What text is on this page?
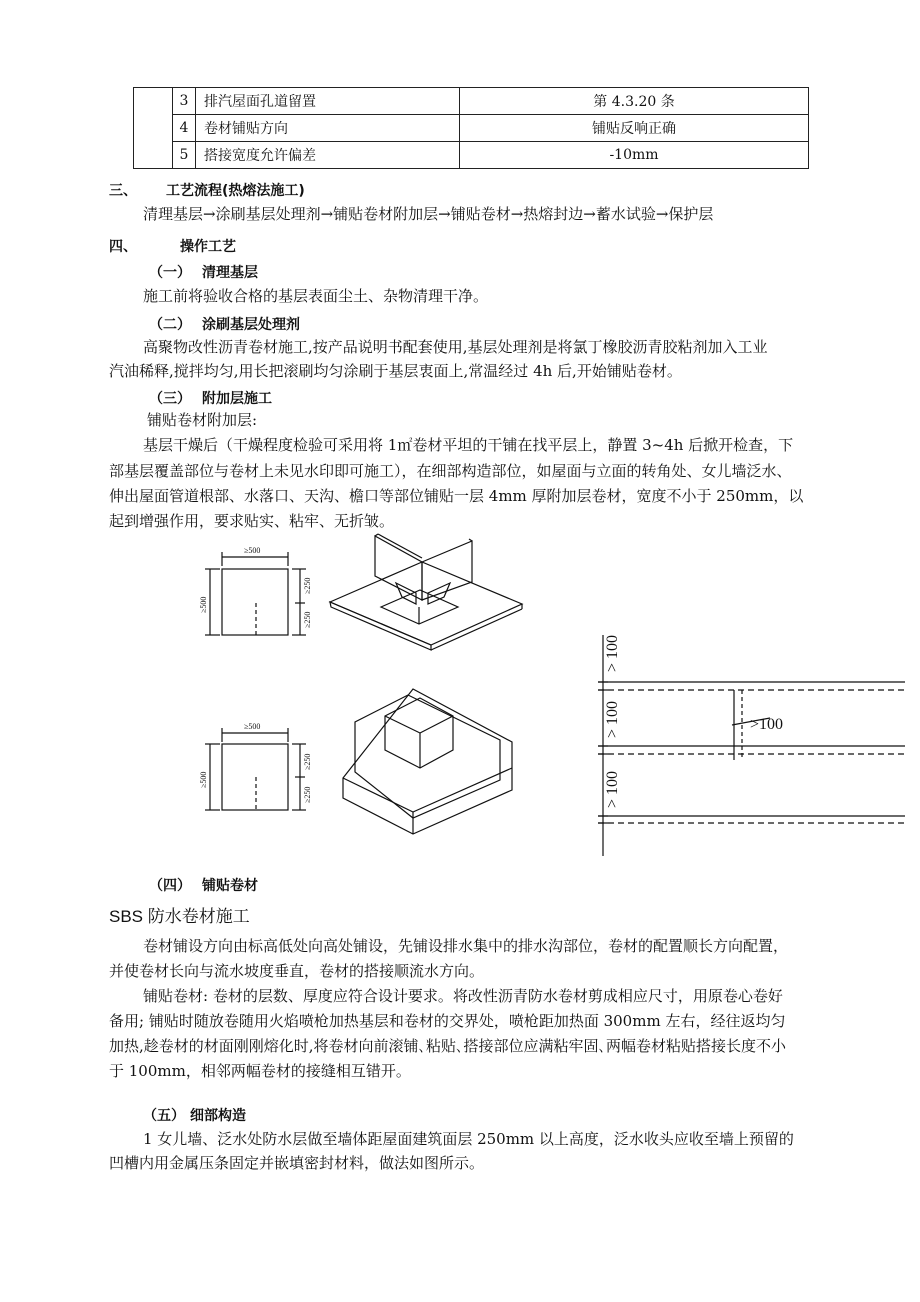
	3	排汽屋面孔道留置	第 4.3.20 条
	4	卷材铺贴方向	铺贴反响正确
	5	搭接宽度允许偏差	-10mm
三、 工艺流程(热熔法施工)
清理基层→涂刷基层处理剂→铺贴卷材附加层→铺贴卷材→热熔封边→蓄水试验→保护层
四、	操作工艺
（一） 清理基层
施工前将验收合格的基层表面尘土、杂物清理干净。
（二） 涂刷基层处理剂
高聚物改性沥青卷材施工,按产品说明书配套使用,基层处理剂是将氯丁橡胶沥青胶粘剂加入工业
汽油稀释,搅拌均匀,用长把滚刷均匀涂刷于基层衷面上,常温经过 4h 后,开始铺贴卷材。
（三） 附加层施工
铺贴卷材附加层:
基层干燥后（干燥程度检验可采用将 1㎡卷材平坦的干铺在找平层上，静置 3~4h 后掀开检查，下
部基层覆盖部位与卷材上未见水印即可施工），在细部构造部位，如屋面与立面的转角处、女儿墙泛水、
伸出屋面管道根部、水落口、天沟、檐口等部位铺贴一层 4mm 厚附加层卷材，宽度不小于 250mm，以
起到增强作用，要求贴实、粘牢、无折皱。
≥500
≥500
≥250
≥250
≥500
≥500
≥250
≥250
> 100
> 100
> 100
>100
（四） 铺贴卷材
SBS 防水卷材施工
卷材铺设方向由标高低处向高处铺设，先铺设排水集中的排水沟部位，卷材的配置顺长方向配置，
并使卷材长向与流水坡度垂直，卷材的搭接顺流水方向。
铺贴卷材: 卷材的层数、厚度应符合设计要求。将改性沥青防水卷材剪成相应尺寸，用原卷心卷好
备用; 铺贴时随放卷随用火焰喷枪加热基层和卷材的交界处，喷枪距加热面 300mm 左右，经往返均匀
加热,趁卷材的材面刚刚熔化时,将卷材向前滚铺､粘贴､搭接部位应满粘牢固､两幅卷材粘贴搭接长度不小
于 100mm，相邻两幅卷材的接缝相互错开。
（五） 细部构造
1 女儿墙、泛水处防水层做至墙体距屋面建筑面层 250mm 以上高度，泛水收头应收至墙上预留的
凹槽内用金属压条固定并嵌填密封材料，做法如图所示。
